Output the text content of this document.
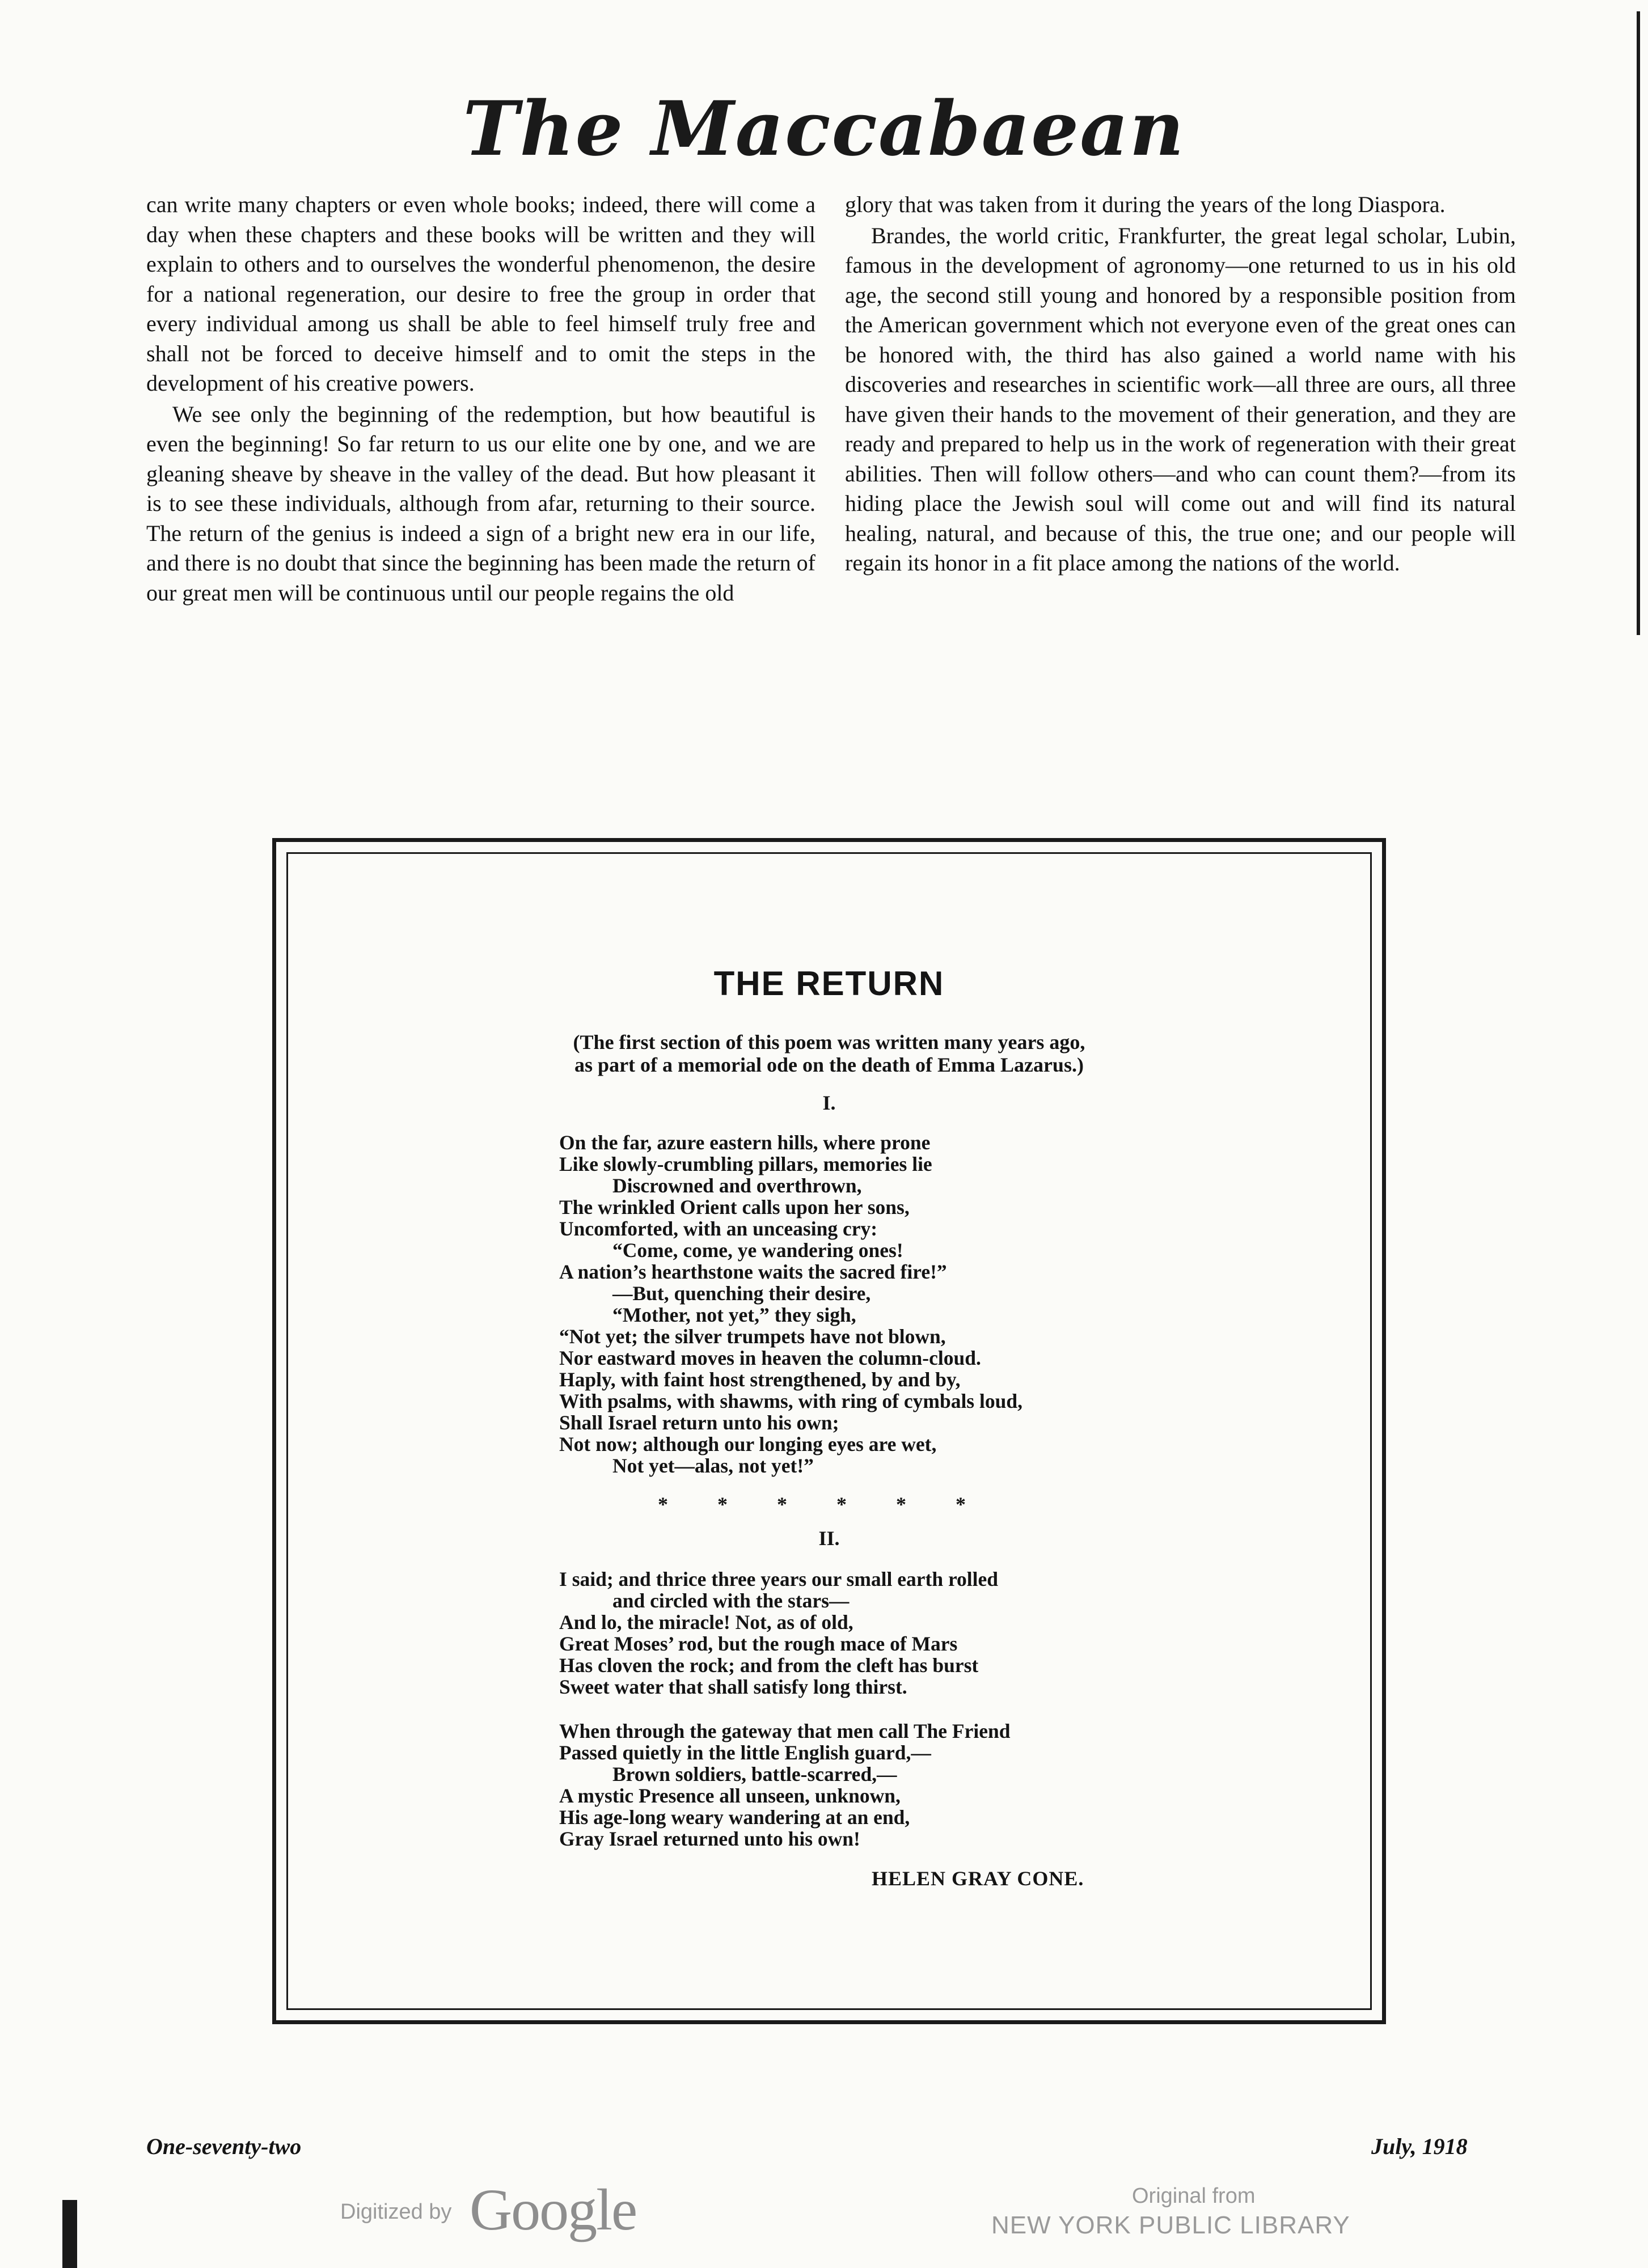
The Maccabaean

can write many chapters or even whole books; indeed, there will come a day when these chapters and these books will be written and they will explain to others and to ourselves the wonderful phenomenon, the desire for a national regeneration, our desire to free the group in order that every individual among us shall be able to feel himself truly free and shall not be forced to deceive himself and to omit the steps in the development of his creative powers.

We see only the beginning of the redemption, but how beautiful is even the beginning! So far return to us our elite one by one, and we are gleaning sheave by sheave in the valley of the dead. But how pleasant it is to see these individuals, although from afar, returning to their source. The return of the genius is indeed a sign of a bright new era in our life, and there is no doubt that since the beginning has been made the return of our great men will be continuous until our people regains the old

glory that was taken from it during the years of the long Diaspora.

Brandes, the world critic, Frankfurter, the great legal scholar, Lubin, famous in the development of agronomy—one returned to us in his old age, the second still young and honored by a responsible position from the American government which not everyone even of the great ones can be honored with, the third has also gained a world name with his discoveries and researches in scientific work—all three are ours, all three have given their hands to the movement of their generation, and they are ready and prepared to help us in the work of regeneration with their great abilities. Then will follow others—and who can count them?—from its hiding place the Jewish soul will come out and will find its natural healing, natural, and because of this, the true one; and our people will regain its honor in a fit place among the nations of the world.

THE RETURN
(The first section of this poem was written many years ago,
as part of a memorial ode on the death of Emma Lazarus.)
I.
On the far, azure eastern hills, where prone
Like slowly-crumbling pillars, memories lie
Discrowned and overthrown,
The wrinkled Orient calls upon her sons,
Uncomforted, with an unceasing cry:
“Come, come, ye wandering ones!
A nation’s hearthstone waits the sacred fire!”
—But, quenching their desire,
“Mother, not yet,” they sigh,
“Not yet; the silver trumpets have not blown,
Nor eastward moves in heaven the column-cloud.
Haply, with faint host strengthened, by and by,
With psalms, with shawms, with ring of cymbals loud,
Shall Israel return unto his own;
Not now; although our longing eyes are wet,
Not yet—alas, not yet!”
* * * * * *
II.
I said; and thrice three years our small earth rolled
and circled with the stars—
And lo, the miracle! Not, as of old,
Great Moses’ rod, but the rough mace of Mars
Has cloven the rock; and from the cleft has burst
Sweet water that shall satisfy long thirst.
When through the gateway that men call The Friend
Passed quietly in the little English guard,—
Brown soldiers, battle-scarred,—
A mystic Presence all unseen, unknown,
His age-long weary wandering at an end,
Gray Israel returned unto his own!
HELEN GRAY CONE.
One-seventy-two	July, 1918
Digitized by Google	Original from
NEW YORK PUBLIC LIBRARY
